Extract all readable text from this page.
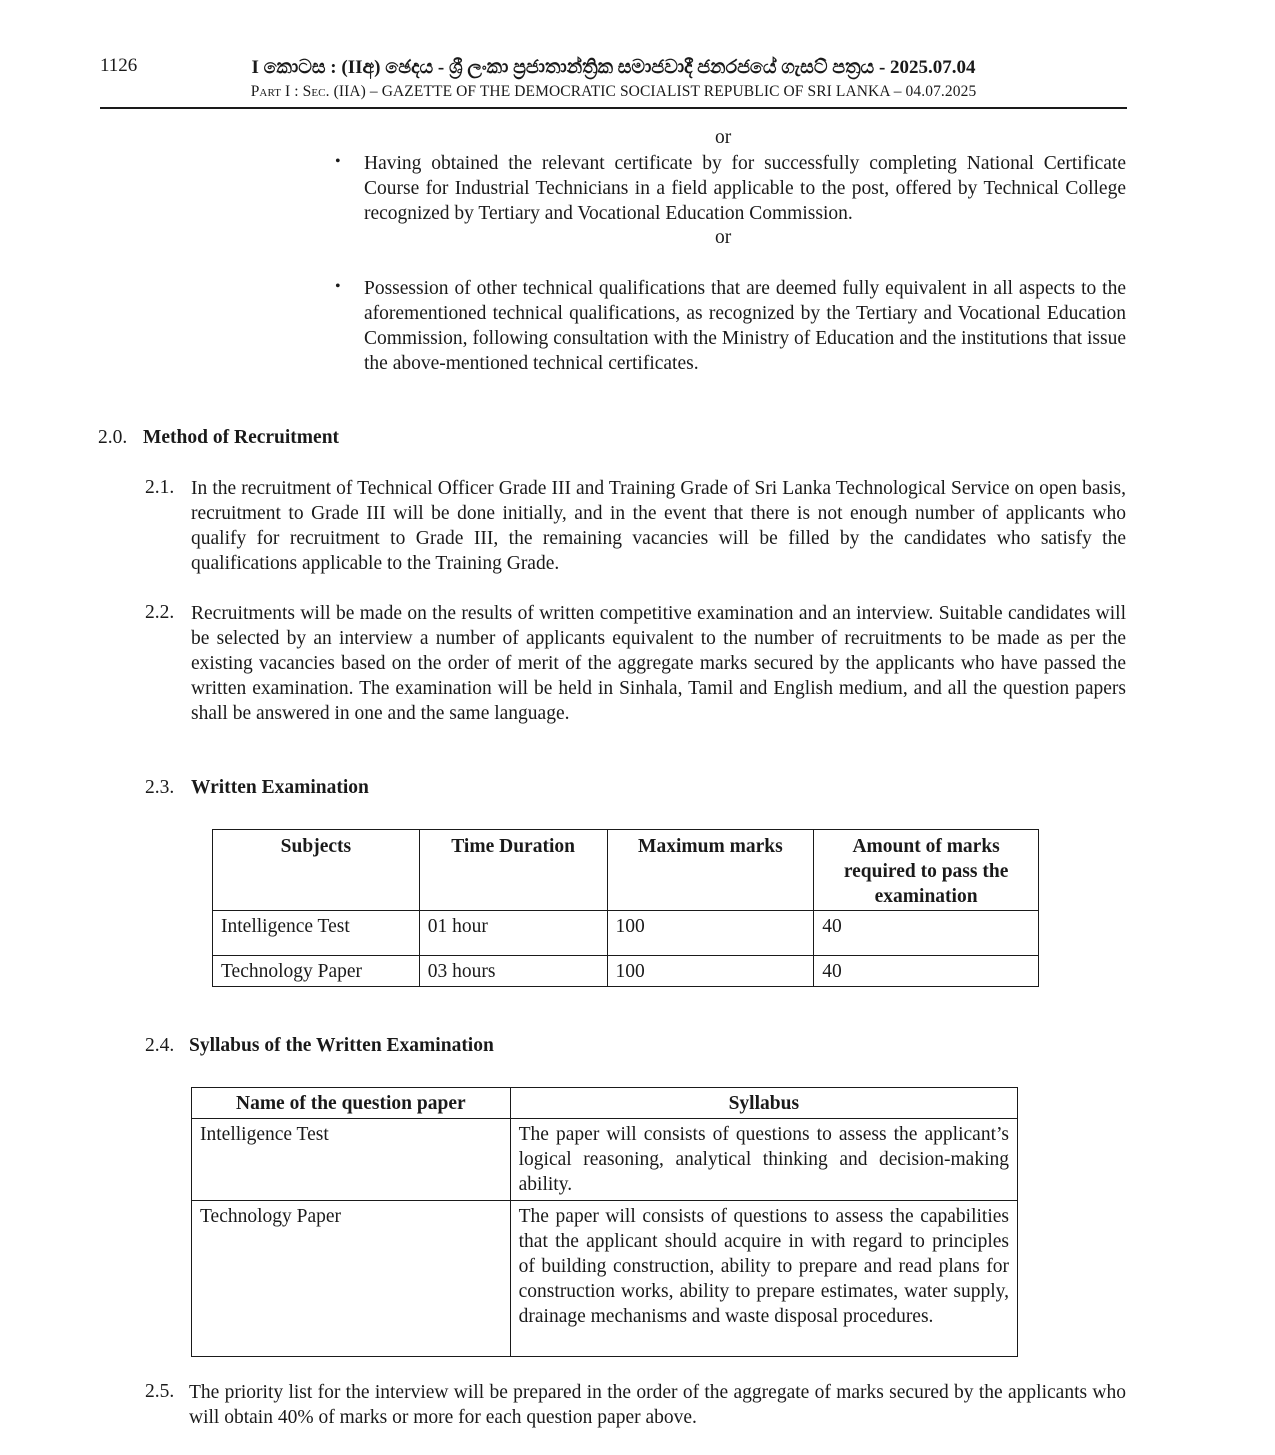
1126	I කොටස : (IIඅ) ඡෙදය - ශ්‍රී ලංකා ප්‍රජාතාන්ත්‍රික සමාජවාදී ජනරජයේ ගැසට් පත්‍රය - 2025.07.04
Part I : Sec. (IIA) – GAZETTE OF THE DEMOCRATIC SOCIALIST REPUBLIC OF SRI LANKA – 04.07.2025
or
• Having obtained the relevant certificate by for successfully completing National Certificate Course for Industrial Technicians in a field applicable to the post, offered by Technical College recognized by Tertiary and Vocational Education Commission.
or
• Possession of other technical qualifications that are deemed fully equivalent in all aspects to the aforementioned technical qualifications, as recognized by the Tertiary and Vocational Education Commission, following consultation with the Ministry of Education and the institutions that issue the above-mentioned technical certificates.
2.0. Method of Recruitment
2.1. In the recruitment of Technical Officer Grade III and Training Grade of Sri Lanka Technological Service on open basis, recruitment to Grade III will be done initially, and in the event that there is not enough number of applicants who qualify for recruitment to Grade III, the remaining vacancies will be filled by the candidates who satisfy the qualifications applicable to the Training Grade.
2.2. Recruitments will be made on the results of written competitive examination and an interview. Suitable candidates will be selected by an interview a number of applicants equivalent to the number of recruitments to be made as per the existing vacancies based on the order of merit of the aggregate marks secured by the applicants who have passed the written examination. The examination will be held in Sinhala, Tamil and English medium, and all the question papers shall be answered in one and the same language.
2.3. Written Examination
Subjects	Time Duration	Maximum marks	Amount of marks required to pass the examination
Intelligence Test	01 hour	100	40
Technology Paper	03 hours	100	40
2.4. Syllabus of the Written Examination
Name of the question paper	Syllabus
Intelligence Test	The paper will consists of questions to assess the applicant’s logical reasoning, analytical thinking and decision-making ability.
Technology Paper	The paper will consists of questions to assess the capabilities that the applicant should acquire in with regard to principles of building construction, ability to prepare and read plans for construction works, ability to prepare estimates, water supply, drainage mechanisms and waste disposal procedures.
2.5. The priority list for the interview will be prepared in the order of the aggregate of marks secured by the applicants who will obtain 40% of marks or more for each question paper above.
